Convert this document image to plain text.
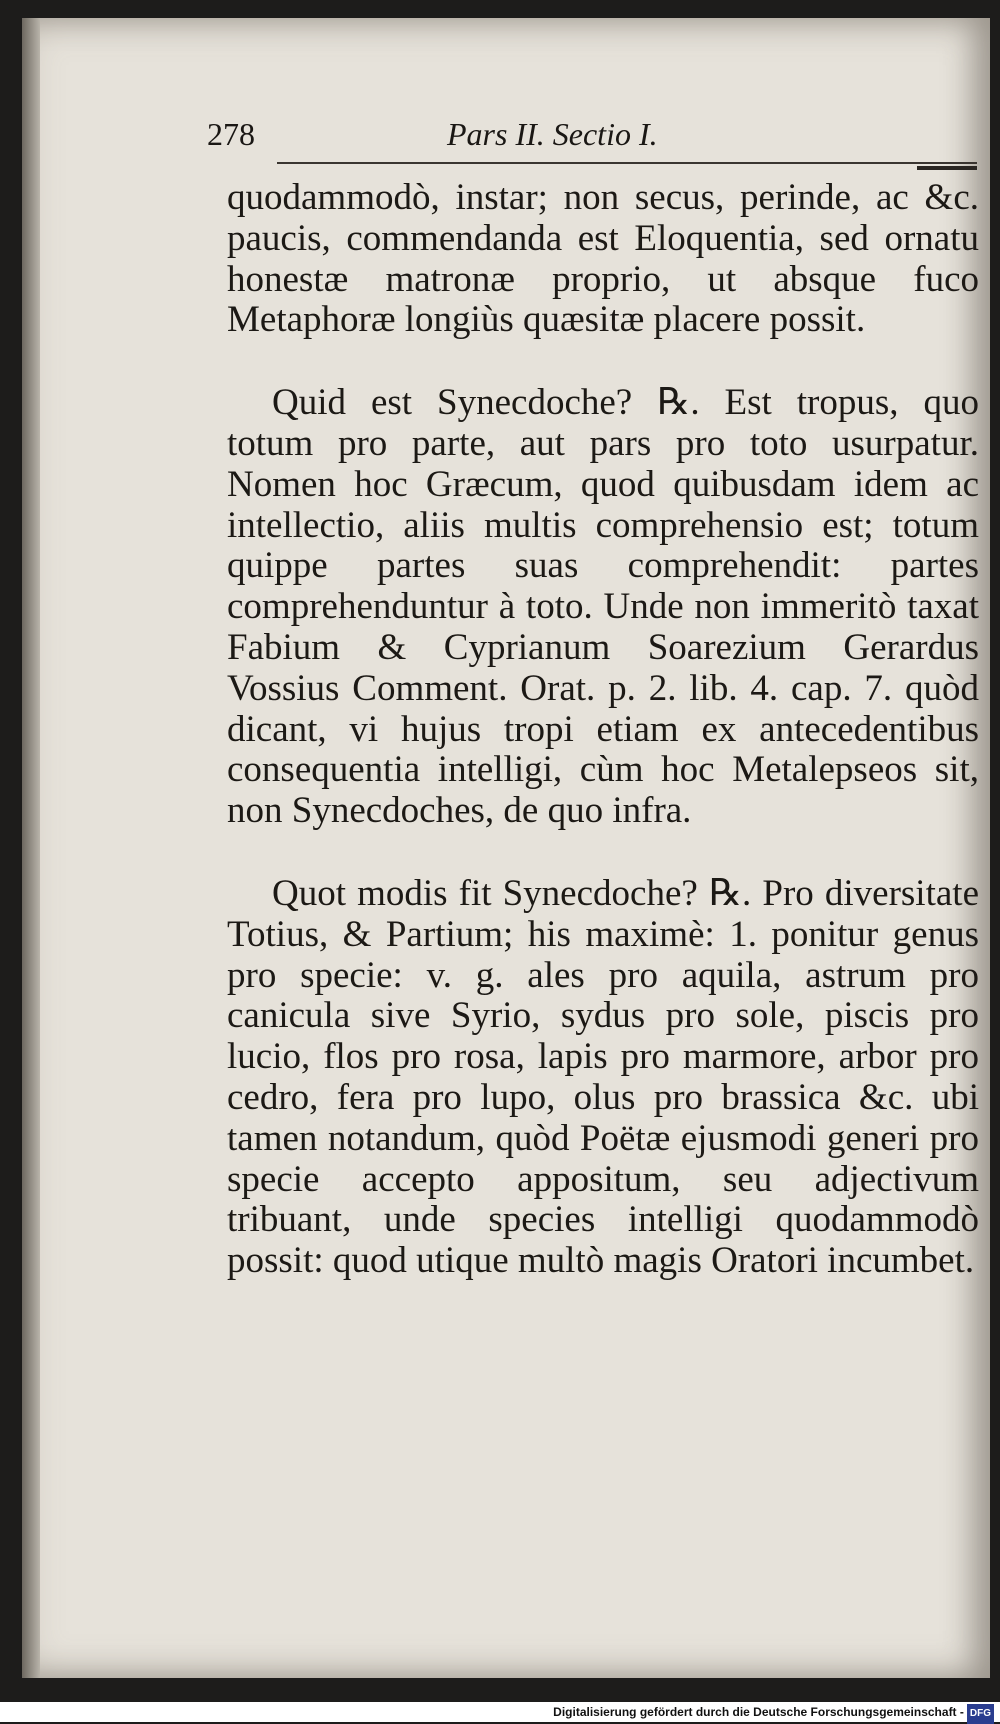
278	Pars II. Sectio I.

quodammodò, instar; non secus, perinde, ac &c. paucis, commendanda est Eloquentia, sed ornatu honestæ matronæ proprio, ut absque fuco Metaphoræ longiùs quæsitæ placere possit.

Quid est Synecdoche? ℞. Est tropus, quo totum pro parte, aut pars pro toto usurpatur. Nomen hoc Græcum, quod quibusdam idem ac intellectio, aliis multis comprehensio est; totum quippe partes suas comprehendit: partes comprehenduntur à toto. Unde non immeritò taxat Fabium & Cyprianum Soarezium Gerardus Vossius Comment. Orat. p. 2. lib. 4. cap. 7. quòd dicant, vi hujus tropi etiam ex antecedentibus consequentia intelligi, cùm hoc Metalepseos sit, non Synecdoches, de quo infra.

Quot modis fit Synecdoche? ℞. Pro diversitate Totius, & Partium; his maximè: 1. ponitur genus pro specie: v. g. ales pro aquila, astrum pro canicula sive Syrio, sydus pro sole, piscis pro lucio, flos pro rosa, lapis pro marmore, arbor pro cedro, fera pro lupo, olus pro brassica &c. ubi tamen notandum, quòd Poëtæ ejusmodi generi pro specie accepto appositum, seu adjectivum tribuant, unde species intelligi quodammodò possit: quod utique multò magis Oratori incumbet.

Digitalisierung gefördert durch die Deutsche Forschungsgemeinschaft - DFG
